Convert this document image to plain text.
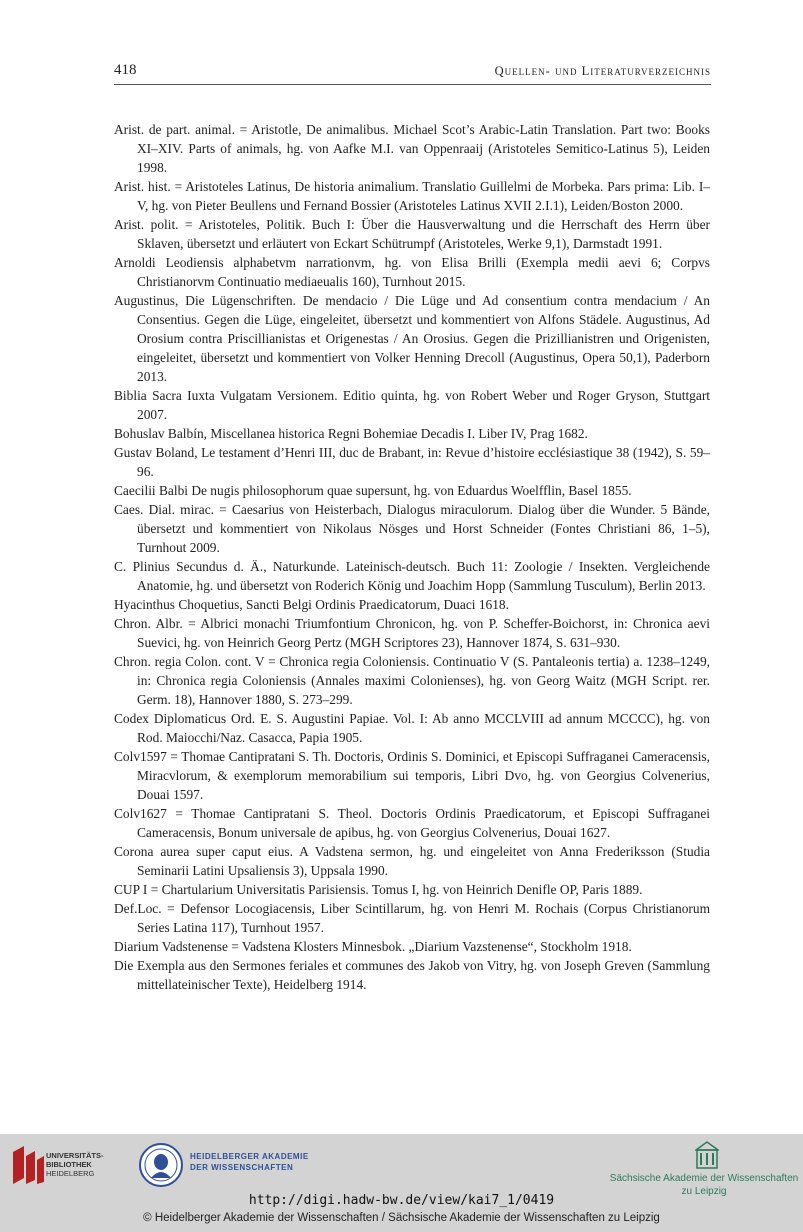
418	Quellen- und Literaturverzeichnis

Arist. de part. animal. = Aristotle, De animalibus. Michael Scot’s Arabic-Latin Translation. Part two: Books XI–XIV. Parts of animals, hg. von Aafke M.I. van Oppenraaij (Aristoteles Semitico-Latinus 5), Leiden 1998.

Arist. hist. = Aristoteles Latinus, De historia animalium. Translatio Guillelmi de Morbeka. Pars prima: Lib. I–V, hg. von Pieter Beullens und Fernand Bossier (Aristoteles Latinus XVII 2.I.1), Leiden/Boston 2000.

Arist. polit. = Aristoteles, Politik. Buch I: Über die Hausverwaltung und die Herrschaft des Herrn über Sklaven, übersetzt und erläutert von Eckart Schütrumpf (Aristoteles, Werke 9,1), Darmstadt 1991.

Arnoldi Leodiensis alphabetvm narrationvm, hg. von Elisa Brilli (Exempla medii aevi 6; Corpvs Christianorvm Continuatio mediaeualis 160), Turnhout 2015.

Augustinus, Die Lügenschriften. De mendacio / Die Lüge und Ad consentium contra mendacium / An Consentius. Gegen die Lüge, eingeleitet, übersetzt und kommentiert von Alfons Städele. Augustinus, Ad Orosium contra Priscillianistas et Origenestas / An Orosius. Gegen die Prizillianistren und Origenisten, eingeleitet, übersetzt und kommentiert von Volker Henning Drecoll (Augustinus, Opera 50,1), Paderborn 2013.

Biblia Sacra Iuxta Vulgatam Versionem. Editio quinta, hg. von Robert Weber und Roger Gryson, Stuttgart 2007.

Bohuslav Balbín, Miscellanea historica Regni Bohemiae Decadis I. Liber IV, Prag 1682.

Gustav Boland, Le testament d’Henri III, duc de Brabant, in: Revue d’histoire ecclésiastique 38 (1942), S. 59–96.

Caecilii Balbi De nugis philosophorum quae supersunt, hg. von Eduardus Woelfflin, Basel 1855.

Caes. Dial. mirac. = Caesarius von Heisterbach, Dialogus miraculorum. Dialog über die Wunder. 5 Bände, übersetzt und kommentiert von Nikolaus Nösges und Horst Schneider (Fontes Christiani 86, 1–5), Turnhout 2009.

C. Plinius Secundus d. Ä., Naturkunde. Lateinisch-deutsch. Buch 11: Zoologie / Insekten. Vergleichende Anatomie, hg. und übersetzt von Roderich König und Joachim Hopp (Sammlung Tusculum), Berlin 2013.

Hyacinthus Choquetius, Sancti Belgi Ordinis Praedicatorum, Duaci 1618.

Chron. Albr. = Albrici monachi Triumfontium Chronicon, hg. von P. Scheffer-Boichorst, in: Chronica aevi Suevici, hg. von Heinrich Georg Pertz (MGH Scriptores 23), Hannover 1874, S. 631–930.

Chron. regia Colon. cont. V = Chronica regia Coloniensis. Continuatio V (S. Pantaleonis tertia) a. 1238–1249, in: Chronica regia Coloniensis (Annales maximi Colonienses), hg. von Georg Waitz (MGH Script. rer. Germ. 18), Hannover 1880, S. 273–299.

Codex Diplomaticus Ord. E. S. Augustini Papiae. Vol. I: Ab anno MCCLVIII ad annum MCCCC), hg. von Rod. Maiocchi/Naz. Casacca, Papia 1905.

Colv1597 = Thomae Cantipratani S. Th. Doctoris, Ordinis S. Dominici, et Episcopi Suffraganei Cameracensis, Miracvlorum, & exemplorum memorabilium sui temporis, Libri Dvo, hg. von Georgius Colvenerius, Douai 1597.

Colv1627 = Thomae Cantipratani S. Theol. Doctoris Ordinis Praedicatorum, et Episcopi Suffraganei Cameracensis, Bonum universale de apibus, hg. von Georgius Colvenerius, Douai 1627.

Corona aurea super caput eius. A Vadstena sermon, hg. und eingeleitet von Anna Frederiksson (Studia Seminarii Latini Upsaliensis 3), Uppsala 1990.

CUP I = Chartularium Universitatis Parisiensis. Tomus I, hg. von Heinrich Denifle OP, Paris 1889.

Def.Loc. = Defensor Locogiacensis, Liber Scintillarum, hg. von Henri M. Rochais (Corpus Christianorum Series Latina 117), Turnhout 1957.

Diarium Vadstenense = Vadstena Klosters Minnesbok. „Diarium Vazstenense“, Stockholm 1918.

Die Exempla aus den Sermones feriales et communes des Jakob von Vitry, hg. von Joseph Greven (Sammlung mittellateinischer Texte), Heidelberg 1914.

UNIVERSITÄTS-
BIBLIOTHEK
HEIDELBERG
HEIDELBERGER AKADEMIE
DER WISSENSCHAFTEN
Sächsische Akademie der Wissenschaften
zu Leipzig
http://digi.hadw-bw.de/view/kai7_1/0419
© Heidelberger Akademie der Wissenschaften / Sächsische Akademie der Wissenschaften zu Leipzig
